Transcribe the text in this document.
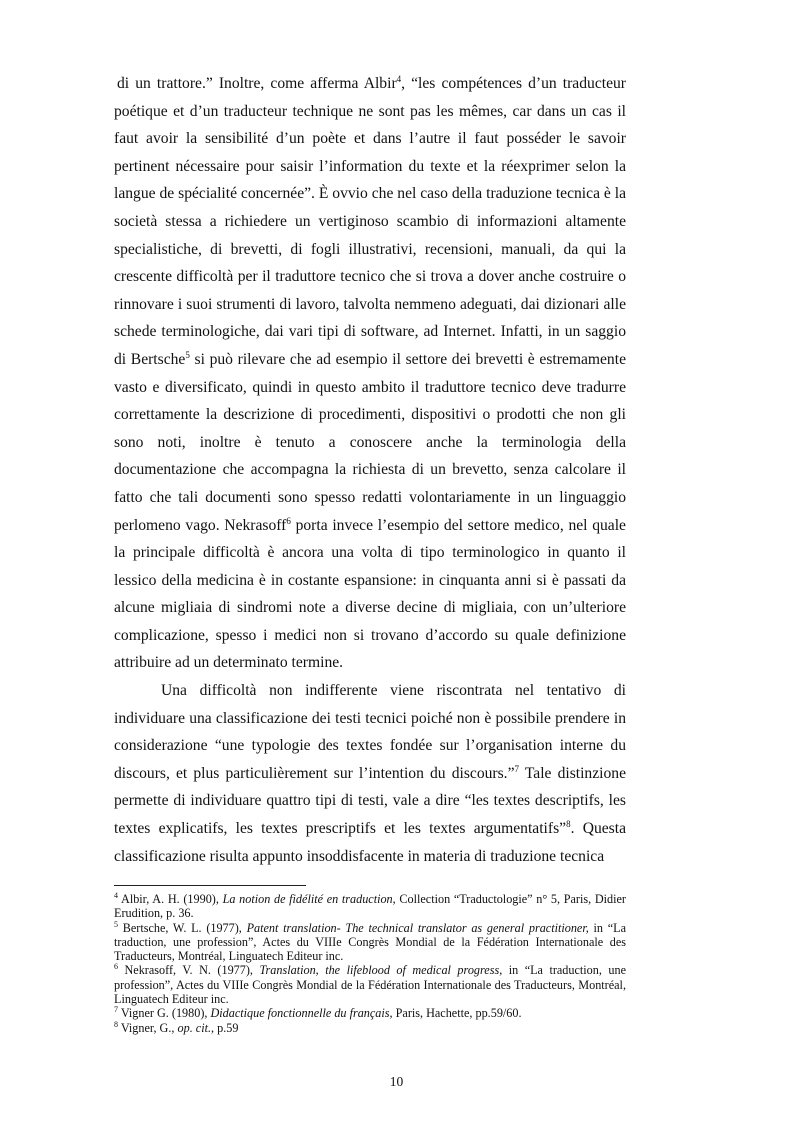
di un trattore.” Inoltre, come afferma Albir$^4$, “les compétences d’un traducteur poétique et d’un traducteur technique ne sont pas les mêmes, car dans un cas il faut avoir la sensibilité d’un poète et dans l’autre il faut posséder le savoir pertinent nécessaire pour saisir l’information du texte et la réexprimer selon la langue de spécialité concernée”. È ovvio che nel caso della traduzione tecnica è la società stessa a richiedere un vertiginoso scambio di informazioni altamente specialistiche, di brevetti, di fogli illustrativi, recensioni, manuali, da qui la crescente difficoltà per il traduttore tecnico che si trova a dover anche costruire o rinnovare i suoi strumenti di lavoro, talvolta nemmeno adeguati, dai dizionari alle schede terminologiche, dai vari tipi di software, ad Internet. Infatti, in un saggio di Bertsche$^5$ si può rilevare che ad esempio il settore dei brevetti è estremamente vasto e diversificato, quindi in questo ambito il traduttore tecnico deve tradurre correttamente la descrizione di procedimenti, dispositivi o prodotti che non gli sono noti, inoltre è tenuto a conoscere anche la terminologia della documentazione che accompagna la richiesta di un brevetto, senza calcolare il fatto che tali documenti sono spesso redatti volontariamente in un linguaggio perlomeno vago. Nekrasoff$^6$ porta invece l’esempio del settore medico, nel quale la principale difficoltà è ancora una volta di tipo terminologico in quanto il lessico della medicina è in costante espansione: in cinquanta anni si è passati da alcune migliaia di sindromi note a diverse decine di migliaia, con un’ulteriore complicazione, spesso i medici non si trovano d’accordo su quale definizione attribuire ad un determinato termine.

Una difficoltà non indifferente viene riscontrata nel tentativo di individuare una classificazione dei testi tecnici poiché non è possibile prendere in considerazione “une typologie des textes fondée sur l’organisation interne du discours, et plus particulièrement sur l’intention du discours.”$^7$ Tale distinzione permette di individuare quattro tipi di testi, vale a dire “les textes descriptifs, les textes explicatifs, les textes prescriptifs et les textes argumentatifs”$^8$. Questa classificazione risulta appunto insoddisfacente in materia di traduzione tecnica

$^4$ Albir, A. H. (1990), La notion de fidélité en traduction, Collection “Traductologie” n° 5, Paris, Didier Erudition, p. 36.

$^5$ Bertsche, W. L. (1977), Patent translation- The technical translator as general practitioner, in “La traduction, une profession”, Actes du VIIIe Congrès Mondial de la Fédération Internationale des Traducteurs, Montréal, Linguatech Editeur inc.

$^6$ Nekrasoff, V. N. (1977), Translation, the lifeblood of medical progress, in “La traduction, une profession”, Actes du VIIIe Congrès Mondial de la Fédération Internationale des Traducteurs, Montréal, Linguatech Editeur inc.

$^7$ Vigner G. (1980), Didactique fonctionnelle du français, Paris, Hachette, pp.59/60.

$^8$ Vigner, G., op. cit., p.59

10
